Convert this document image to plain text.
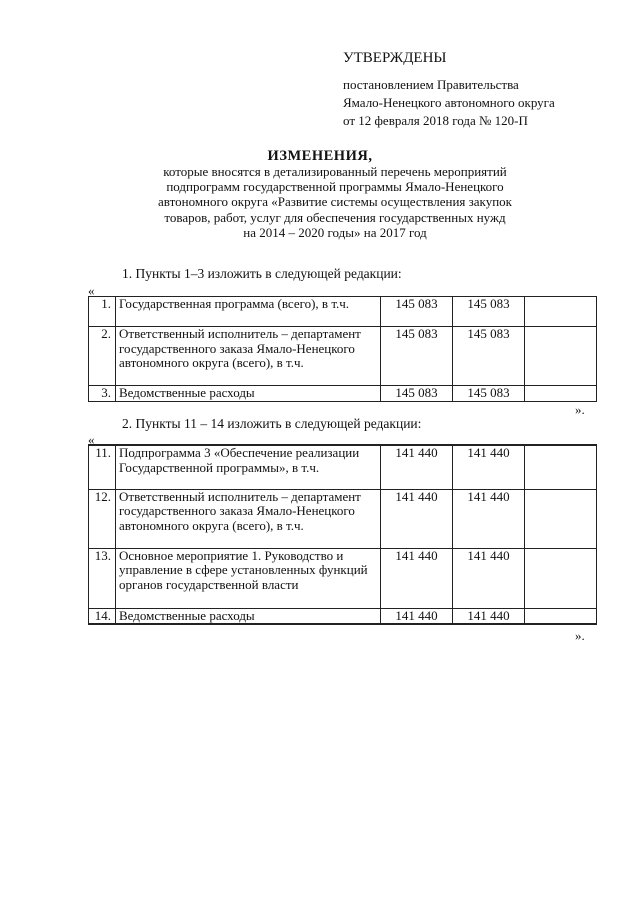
УТВЕРЖДЕНЫ
постановлением Правительства
Ямало-Ненецкого автономного округа
от 12 февраля 2018 года № 120-П
ИЗМЕНЕНИЯ,
которые вносятся в детализированный перечень мероприятий
подпрограмм государственной программы Ямало-Ненецкого
автономного округа «Развитие системы осуществления закупок
товаров, работ, услуг для обеспечения государственных нужд
на 2014 – 2020 годы» на 2017 год
1. Пункты 1–3 изложить в следующей редакции:
«
1.	Государственная программа (всего), в т.ч.	145 083	145 083	
2.	Ответственный исполнитель – департамент государственного заказа Ямало-Ненецкого автономного округа (всего), в т.ч.	145 083	145 083	
3.	Ведомственные расходы	145 083	145 083	
».
2. Пункты 11 – 14 изложить в следующей редакции:
«
11.	Подпрограмма 3 «Обеспечение реализации Государственной программы», в т.ч.	141 440	141 440	
12.	Ответственный исполнитель – департамент государственного заказа Ямало-Ненецкого автономного округа (всего), в т.ч.	141 440	141 440	
13.	Основное мероприятие 1. Руководство и управление в сфере установленных функций органов государственной власти	141 440	141 440	
14.	Ведомственные расходы	141 440	141 440	
».
